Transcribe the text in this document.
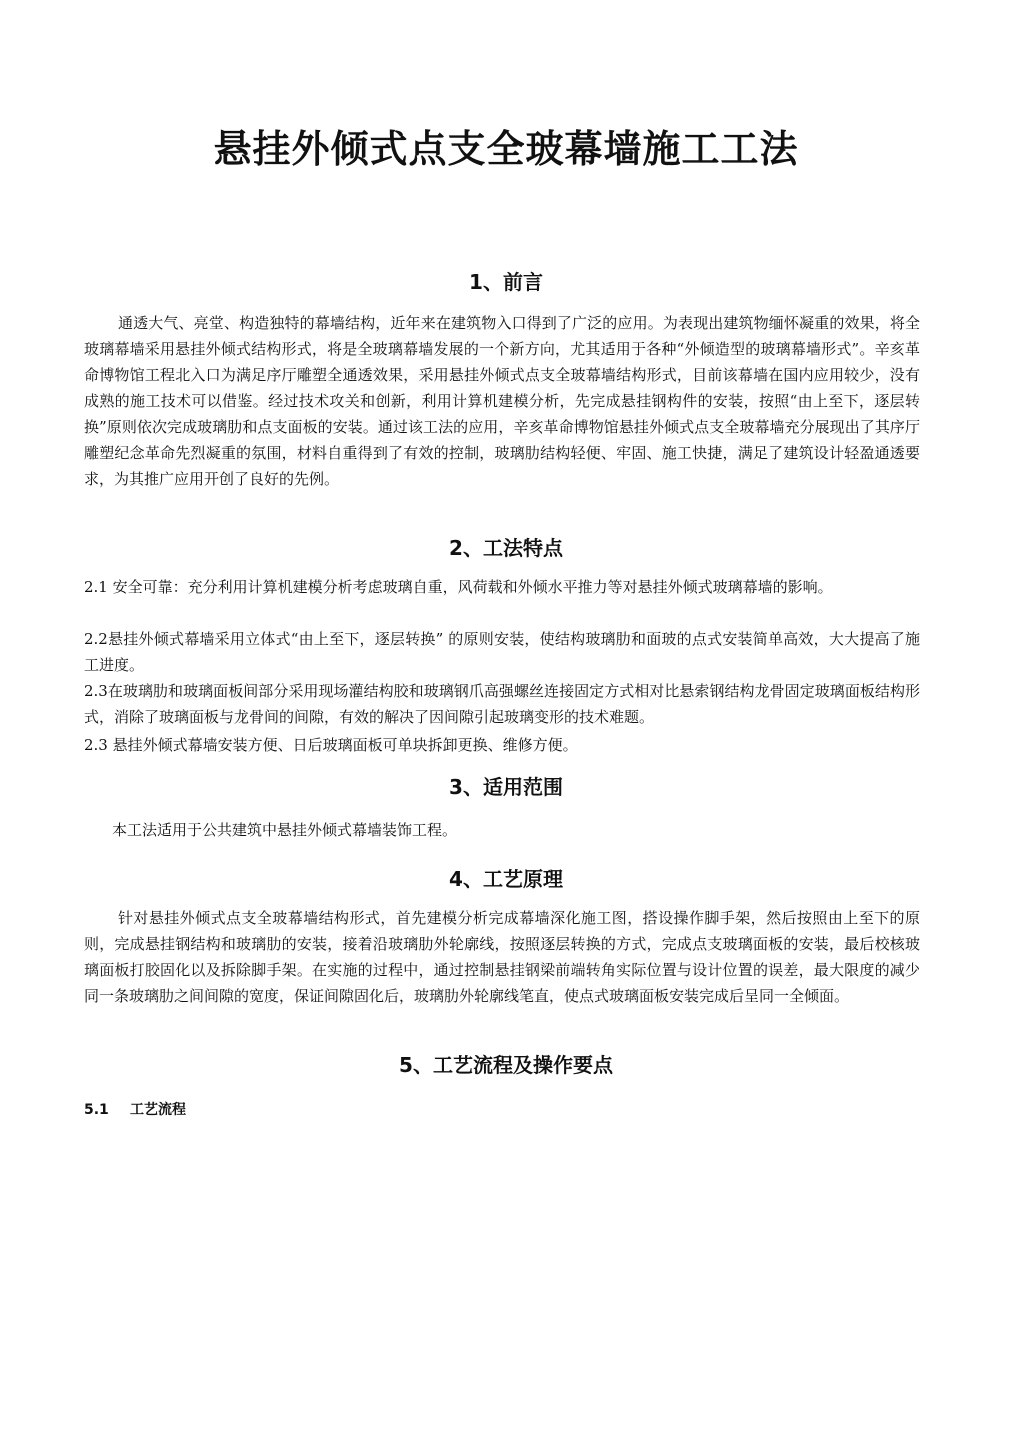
悬挂外倾式点支全玻幕墙施工工法
1、前言
通透大气、亮堂、构造独特的幕墙结构，近年来在建筑物入口得到了广泛的应用。为表现出建筑物缅怀凝重的效果，将全玻璃幕墙采用悬挂外倾式结构形式，将是全玻璃幕墙发展的一个新方向，尤其适用于各种“外倾造型的玻璃幕墙形式”。辛亥革命博物馆工程北入口为满足序厅雕塑全通透效果，采用悬挂外倾式点支全玻幕墙结构形式，目前该幕墙在国内应用较少，没有成熟的施工技术可以借鉴。经过技术攻关和创新，利用计算机建模分析，先完成悬挂钢构件的安装，按照“由上至下，逐层转换”原则依次完成玻璃肋和点支面板的安装。通过该工法的应用，辛亥革命博物馆悬挂外倾式点支全玻幕墙充分展现出了其序厅雕塑纪念革命先烈凝重的氛围，材料自重得到了有效的控制，玻璃肋结构轻便、牢固、施工快捷，满足了建筑设计轻盈通透要求，为其推广应用开创了良好的先例。
2、工法特点
2.1 安全可靠：充分利用计算机建模分析考虑玻璃自重，风荷载和外倾水平推力等对悬挂外倾式玻璃幕墙的影响。
2.2悬挂外倾式幕墙采用立体式“由上至下，逐层转换” 的原则安装，使结构玻璃肋和面玻的点式安装简单高效，大大提高了施工进度。
2.3在玻璃肋和玻璃面板间部分采用现场灌结构胶和玻璃钢爪高强螺丝连接固定方式相对比悬索钢结构龙骨固定玻璃面板结构形式，消除了玻璃面板与龙骨间的间隙，有效的解决了因间隙引起玻璃变形的技术难题。
2.3 悬挂外倾式幕墙安装方便、日后玻璃面板可单块拆卸更换、维修方便。
3、适用范围
本工法适用于公共建筑中悬挂外倾式幕墙装饰工程。
4、工艺原理
针对悬挂外倾式点支全玻幕墙结构形式，首先建模分析完成幕墙深化施工图，搭设操作脚手架，然后按照由上至下的原则，完成悬挂钢结构和玻璃肋的安装，接着沿玻璃肋外轮廓线，按照逐层转换的方式，完成点支玻璃面板的安装，最后校核玻璃面板打胶固化以及拆除脚手架。在实施的过程中，通过控制悬挂钢梁前端转角实际位置与设计位置的误差，最大限度的减少同一条玻璃肋之间间隙的宽度，保证间隙固化后，玻璃肋外轮廓线笔直，使点式玻璃面板安装完成后呈同一全倾面。
5、工艺流程及操作要点
5.1 工艺流程
